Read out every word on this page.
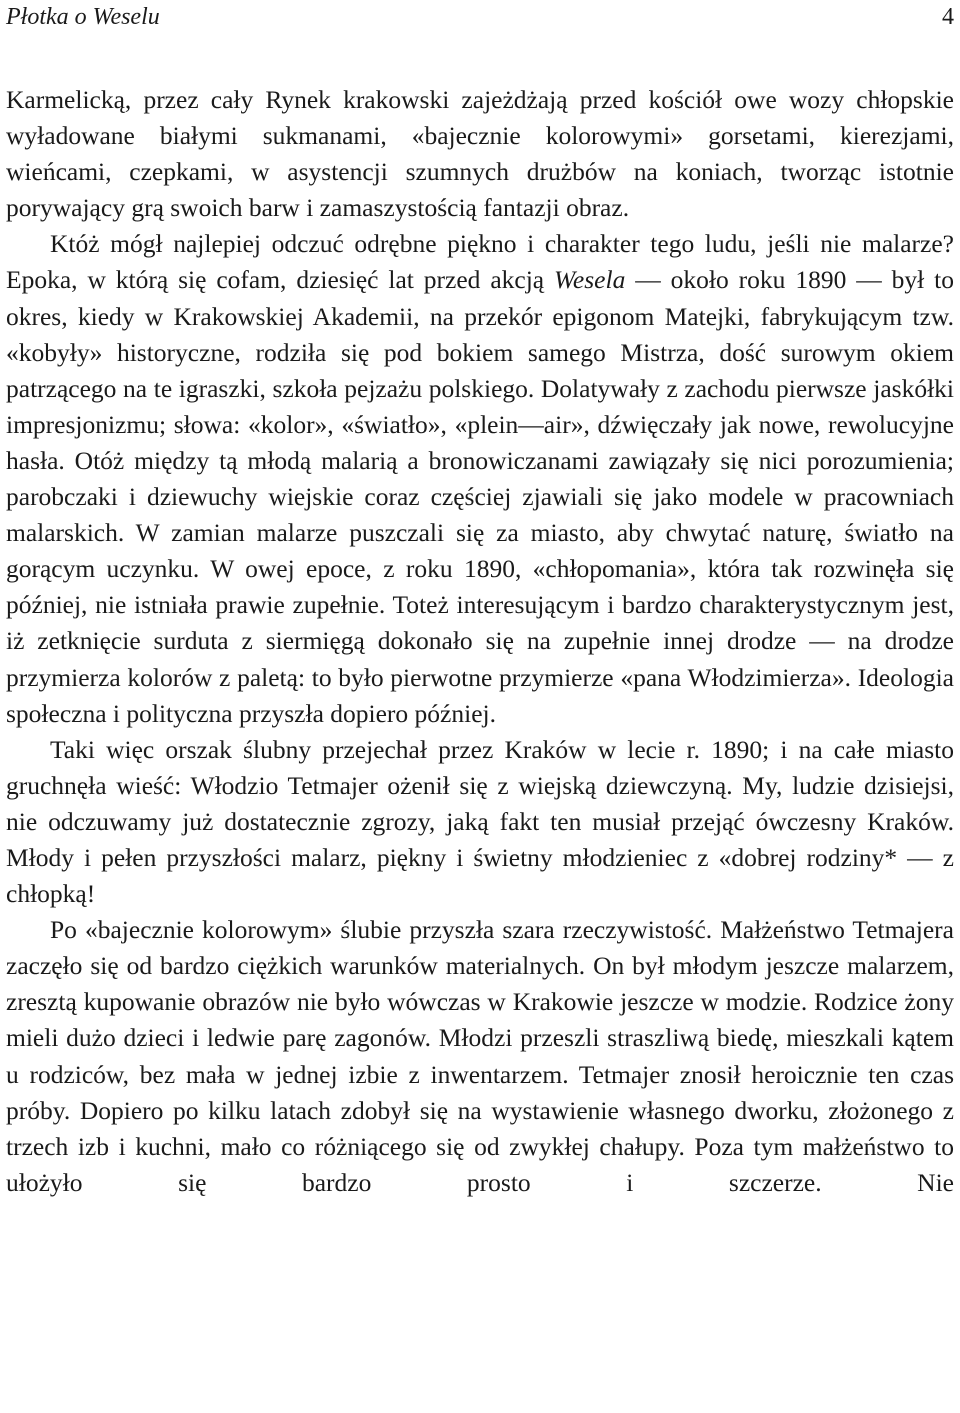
Płotka o Weselu	4

Karmelicką, przez cały Rynek krakowski zajeżdżają przed kościół owe wozy chłopskie wyładowane białymi sukmanami, «bajecznie kolorowymi» gorsetami, kierezjami, wieńcami, czepkami, w asystencji szumnych drużbów na koniach, tworząc istotnie porywający grą swoich barw i zamaszystością fantazji obraz.

Któż mógł najlepiej odczuć odrębne piękno i charakter tego ludu, jeśli nie malarze? Epoka, w którą się cofam, dziesięć lat przed akcją Wesela — około roku 1890 — był to okres, kiedy w Krakowskiej Akademii, na przekór epigonom Matejki, fabrykującym tzw. «kobyły» historyczne, rodziła się pod bokiem samego Mistrza, dość surowym okiem patrzącego na te igraszki, szkoła pejzażu polskiego. Dolatywały z zachodu pierwsze jaskółki impresjonizmu; słowa: «kolor», «światło», «plein—air», dźwięczały jak nowe, rewolucyjne hasła. Otóż między tą młodą malarią a bronowiczanami zawiązały się nici porozumienia; parobczaki i dziewuchy wiejskie coraz częściej zjawiali się jako modele w pracowniach malarskich. W zamian malarze puszczali się za miasto, aby chwytać naturę, światło na gorącym uczynku. W owej epoce, z roku 1890, «chłopomania», która tak rozwinęła się później, nie istniała prawie zupełnie. Toteż interesującym i bardzo charakterystycznym jest, iż zetknięcie surduta z siermięgą dokonało się na zupełnie innej drodze — na drodze przymierza kolorów z paletą: to było pierwotne przymierze «pana Włodzimierza». Ideologia społeczna i polityczna przyszła dopiero później.

Taki więc orszak ślubny przejechał przez Kraków w lecie r. 1890; i na całe miasto gruchnęła wieść: Włodzio Tetmajer ożenił się z wiejską dziewczyną. My, ludzie dzisiejsi, nie odczuwamy już dostatecznie zgrozy, jaką fakt ten musiał przejąć ówczesny Kraków. Młody i pełen przyszłości malarz, piękny i świetny młodzieniec z «dobrej rodziny* — z chłopką!

Po «bajecznie kolorowym» ślubie przyszła szara rzeczywistość. Małżeństwo Tetmajera zaczęło się od bardzo ciężkich warunków materialnych. On był młodym jeszcze malarzem, zresztą kupowanie obrazów nie było wówczas w Krakowie jeszcze w modzie. Rodzice żony mieli dużo dzieci i ledwie parę zagonów. Młodzi przeszli straszliwą biedę, mieszkali kątem u rodziców, bez mała w jednej izbie z inwentarzem. Tetmajer znosił heroicznie ten czas próby. Dopiero po kilku latach zdobył się na wystawienie własnego dworku, złożonego z trzech izb i kuchni, mało co różniącego się od zwykłej chałupy. Poza tym małżeństwo to ułożyło się bardzo prosto i szczerze. Nie
